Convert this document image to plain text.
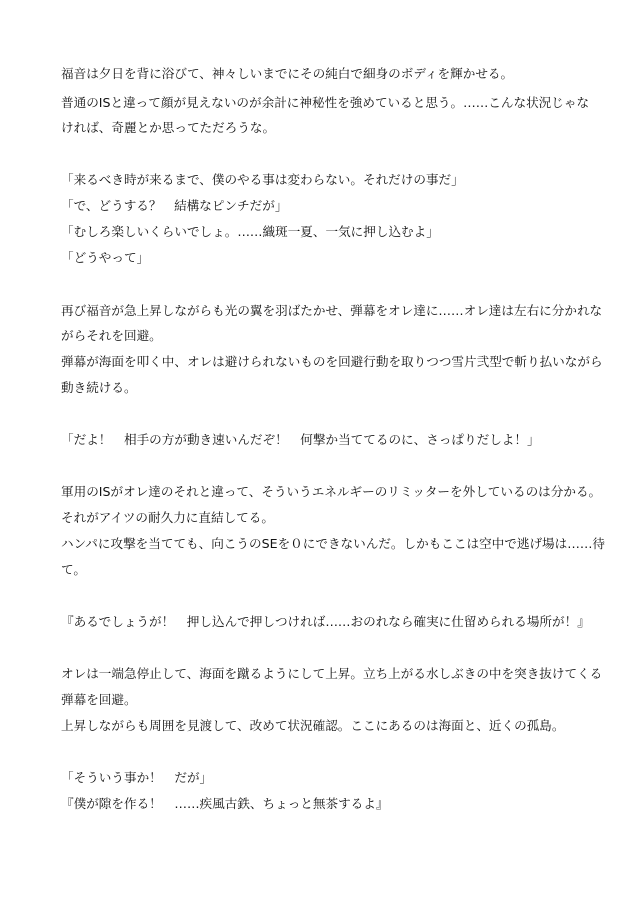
福音は夕日を背に浴びて、神々しいまでにその純白で細身のボディを輝かせる。
普通のISと違って顔が見えないのが余計に神秘性を強めていると思う。……こんな状況じゃな
ければ、奇麗とか思ってただろうな。
「来るべき時が来るまで、僕のやる事は変わらない。それだけの事だ」
「で、どうする？　結構なピンチだが」
「むしろ楽しいくらいでしょ。……織斑一夏、一気に押し込むよ」
「どうやって」
再び福音が急上昇しながらも光の翼を羽ばたかせ、弾幕をオレ達に……オレ達は左右に分かれな
がらそれを回避。
弾幕が海面を叩く中、オレは避けられないものを回避行動を取りつつ雪片弐型で斬り払いながら
動き続ける。
「だよ！　相手の方が動き速いんだぞ！　何撃か当ててるのに、さっぱりだしよ！」
軍用のISがオレ達のそれと違って、そういうエネルギーのリミッターを外しているのは分かる。
それがアイツの耐久力に直結してる。
ハンパに攻撃を当てても、向こうのSEを０にできないんだ。しかもここは空中で逃げ場は……待
て。
『あるでしょうが！　押し込んで押しつければ……おのれなら確実に仕留められる場所が！』
オレは一端急停止して、海面を蹴るようにして上昇。立ち上がる水しぶきの中を突き抜けてくる
弾幕を回避。
上昇しながらも周囲を見渡して、改めて状況確認。ここにあるのは海面と、近くの孤島。
「そういう事か！　だが」
『僕が隙を作る！　……疾風古鉄、ちょっと無茶するよ』
